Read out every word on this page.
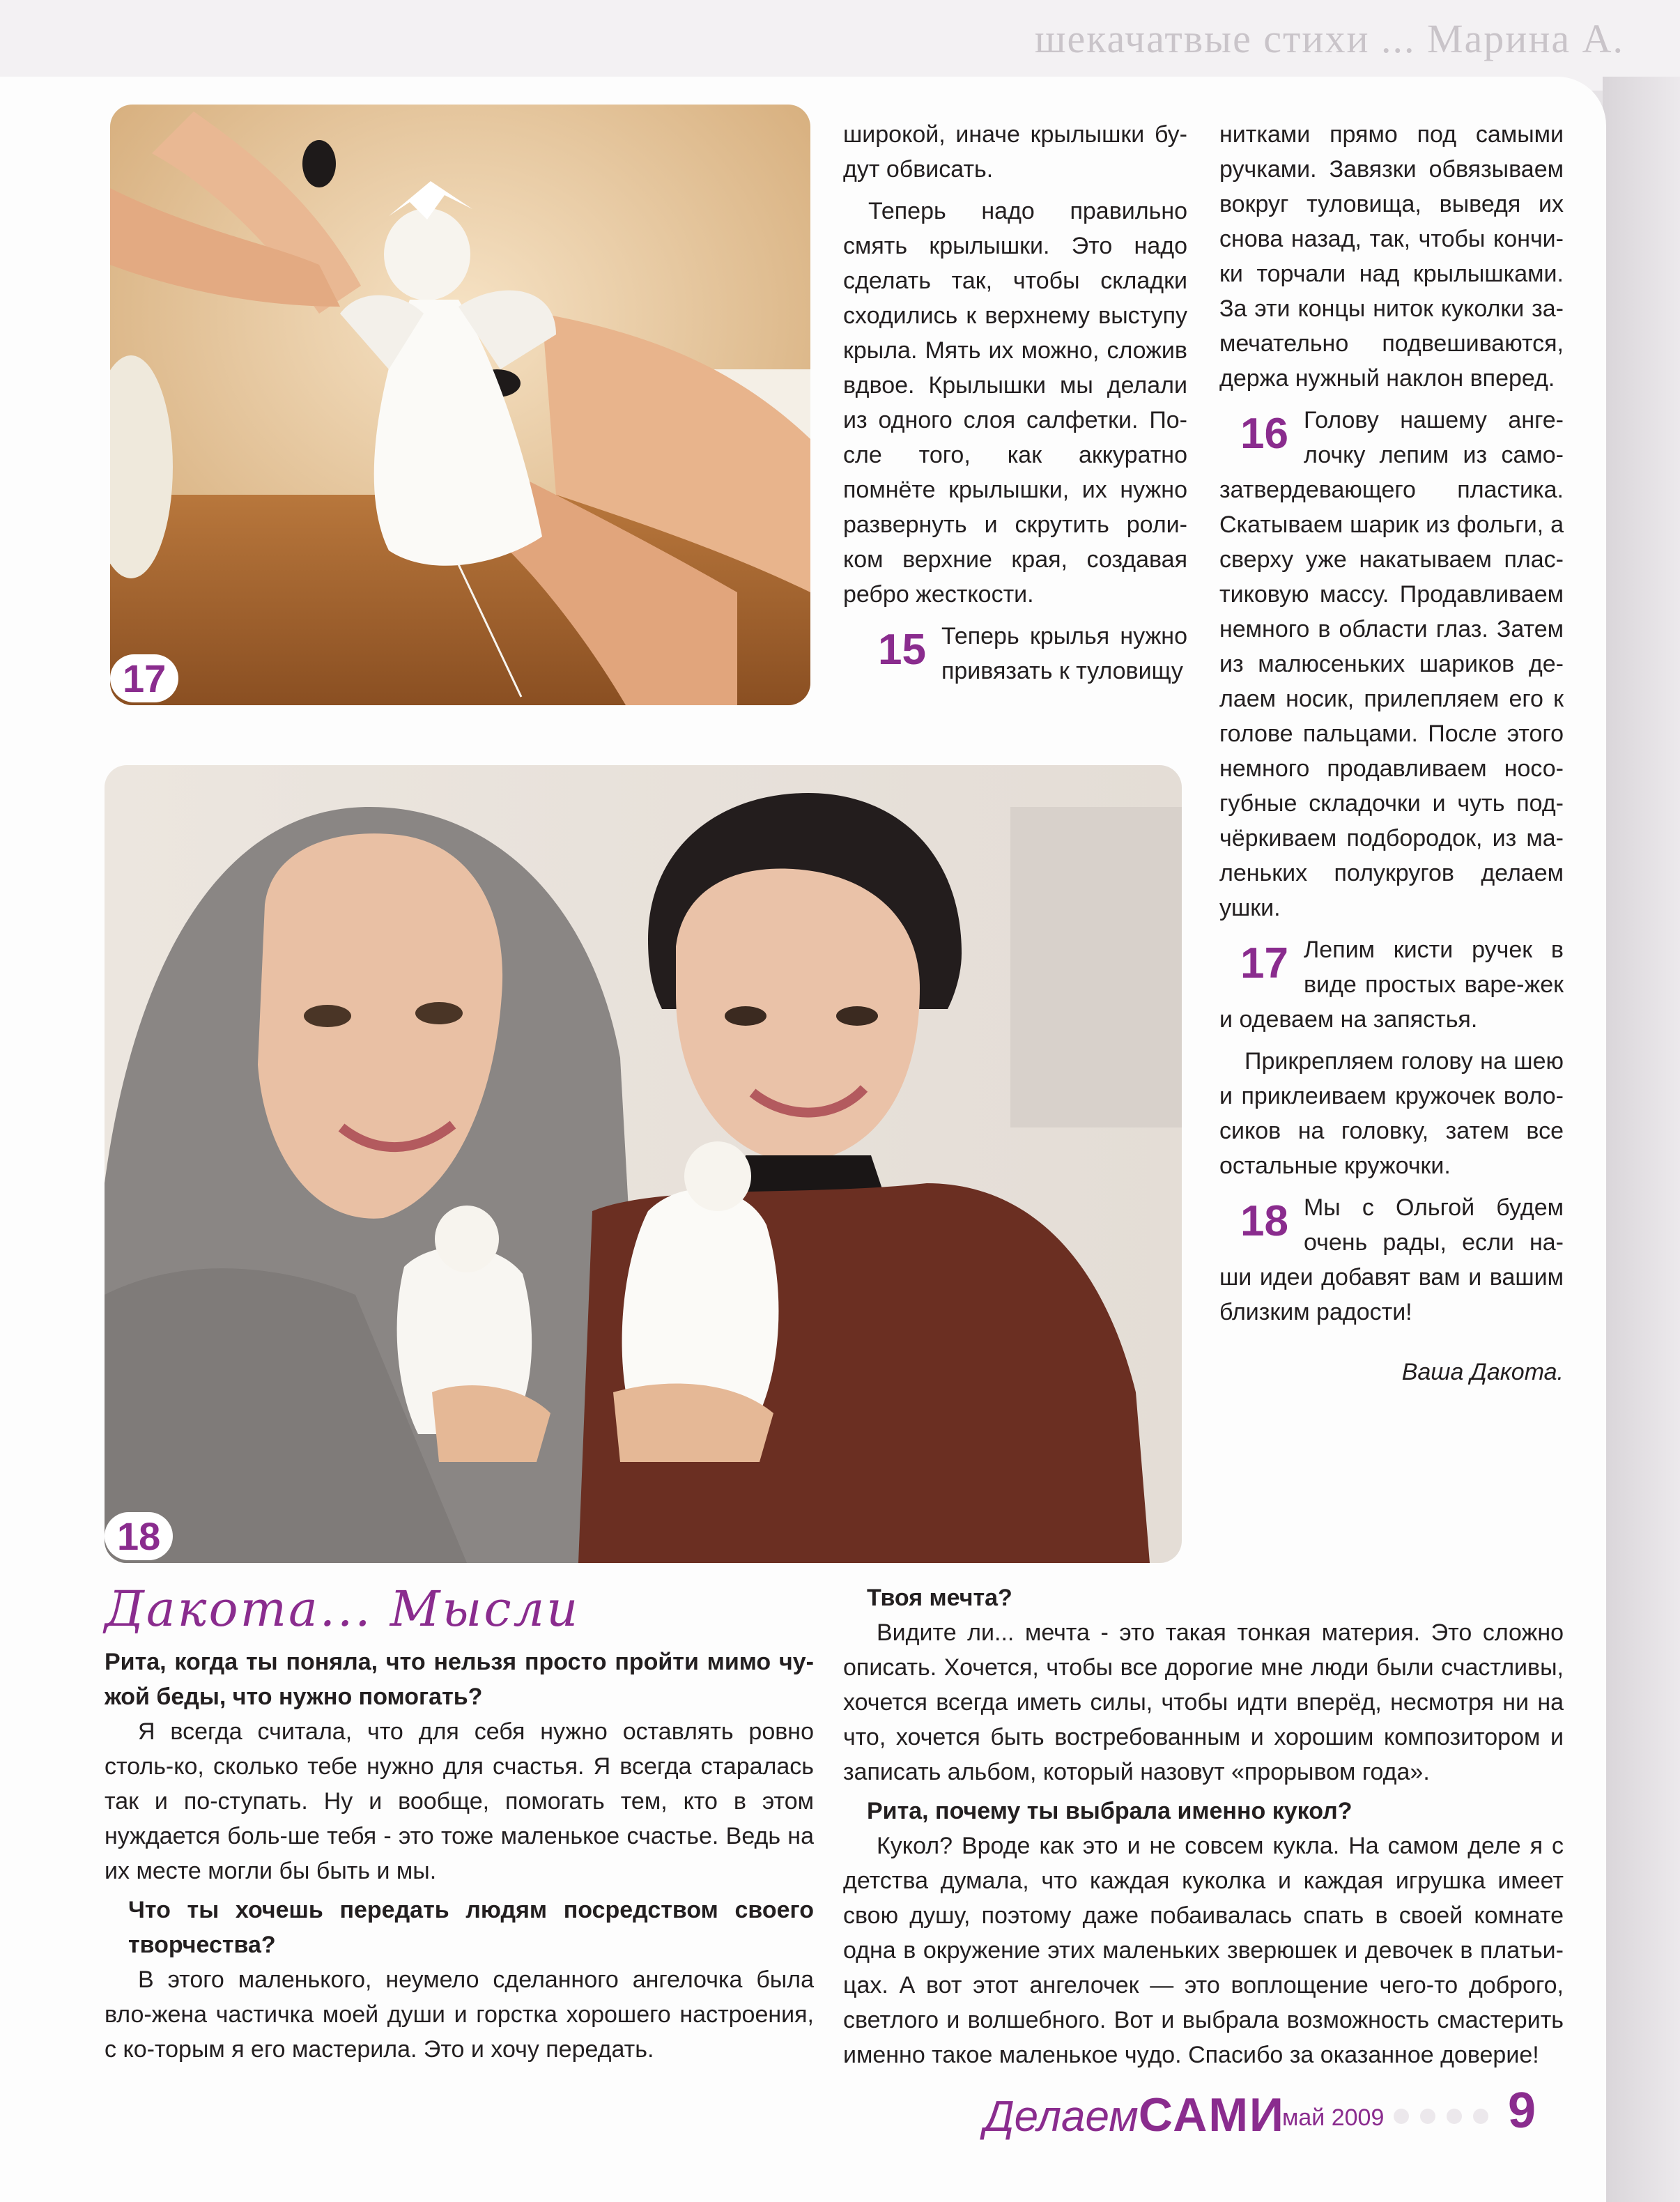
шекачатвые стихи ... Марина А.
17
18

широкой, иначе крылышки бу-дут обвисать.

Теперь надо правильно смять крылышки. Это надо сделать так, чтобы складки сходились к верхнему выступу крыла. Мять их можно, сложив вдвое. Крылышки мы делали из одного слоя салфетки. По-сле того, как аккуратно помнёте крылышки, их нужно развернуть и скрутить роли-ком верхние края, создавая ребро жесткости.

15 Теперь крылья нужно привязать к туловищу

нитками прямо под самыми ручками. Завязки обвязываем вокруг туловища, выведя их снова назад, так, чтобы кончи-ки торчали над крылышками. За эти концы ниток куколки за-мечательно подвешиваются, держа нужный наклон вперед.

16 Голову нашему анге-лочку лепим из само-затвердевающего пластика. Скатываем шарик из фольги, а сверху уже накатываем плас-тиковую массу. Продавливаем немного в области глаз. Затем из малюсеньких шариков де-лаем носик, прилепляем его к голове пальцами. После этого немного продавливаем носо-губные складочки и чуть под-чёркиваем подбородок, из ма-леньких полукругов делаем ушки.

17 Лепим кисти ручек в виде простых варе-жек и одеваем на запястья.

Прикрепляем голову на шею и приклеиваем кружочек воло-сиков на головку, затем все остальные кружочки.

18 Мы с Ольгой будем очень рады, если на-ши идеи добавят вам и вашим близким радости!

Ваша Дакота.

Дакота... Мысли

Рита, когда ты поняла, что нельзя просто пройти мимо чу-жой беды, что нужно помогать?

Я всегда считала, что для себя нужно оставлять ровно столь-ко, сколько тебе нужно для счастья. Я всегда старалась так и по-ступать. Ну и вообще, помогать тем, кто в этом нуждается боль-ше тебя - это тоже маленькое счастье. Ведь на их месте могли бы быть и мы.

Что ты хочешь передать людям посредством своего творчества?

В этого маленького, неумело сделанного ангелочка была вло-жена частичка моей души и горстка хорошего настроения, с ко-торым я его мастерила. Это и хочу передать.

Твоя мечта?

Видите ли... мечта - это такая тонкая материя. Это сложно описать. Хочется, чтобы все дорогие мне люди были счастливы, хочется всегда иметь силы, чтобы идти вперёд, несмотря ни на что, хочется быть востребованным и хорошим композитором и записать альбом, который назовут «прорывом года».

Рита, почему ты выбрала именно кукол?

Кукол? Вроде как это и не совсем кукла. На самом деле я с детства думала, что каждая куколка и каждая игрушка имеет свою душу, поэтому даже побаивалась спать в своей комнате одна в окружение этих маленьких зверюшек и девочек в платьи-цах. А вот этот ангелочек — это воплощение чего-то доброго, светлого и волшебного. Вот и выбрала возможность смастерить именно такое маленькое чудо. Спасибо за оказанное доверие!

ДелаемСАМИ
май 2009 9
